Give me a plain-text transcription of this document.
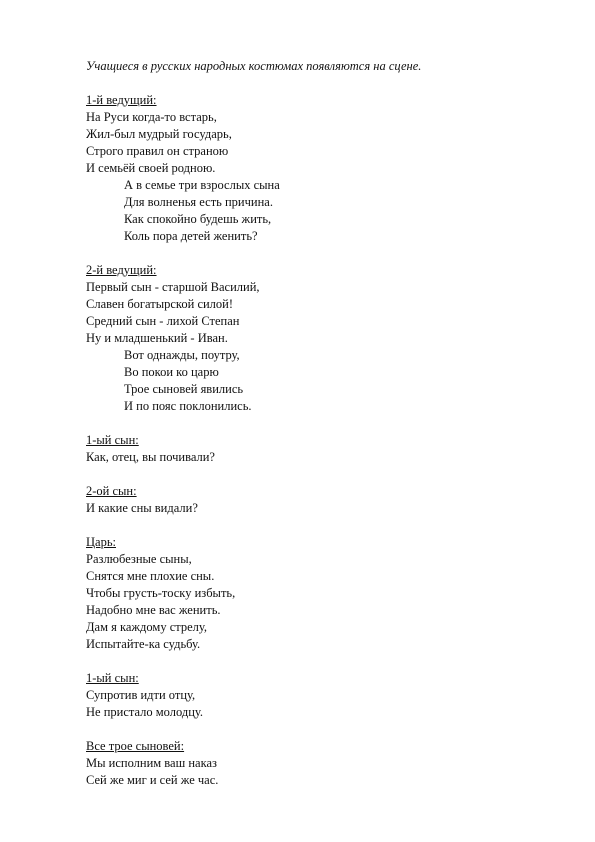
Учащиеся в русских народных костюмах появляются на сцене.
1-й ведущий:
На Руси когда-то встарь,
Жил-был мудрый государь,
Строго правил он страною
И семьёй своей родною.
А в семье три взрослых сына
Для волненья есть причина.
Как спокойно будешь жить,
Коль пора детей женить?
2-й ведущий:
Первый сын - старшой Василий,
Славен богатырской силой!
Средний сын - лихой Степан
Ну и младшенький - Иван.
Вот однажды, поутру,
Во покои ко царю
Трое сыновей явились
И по пояс поклонились.
1-ый сын:
Как, отец, вы почивали?
2-ой сын:
И какие сны видали?
Царь:
Разлюбезные сыны,
Снятся мне плохие сны.
Чтобы грусть-тоску избыть,
Надобно мне вас женить.
Дам я каждому стрелу,
Испытайте-ка судьбу.
1-ый сын:
Супротив идти отцу,
Не пристало молодцу.
Все трое сыновей:
Мы исполним ваш наказ
Сей же миг и сей же час.
